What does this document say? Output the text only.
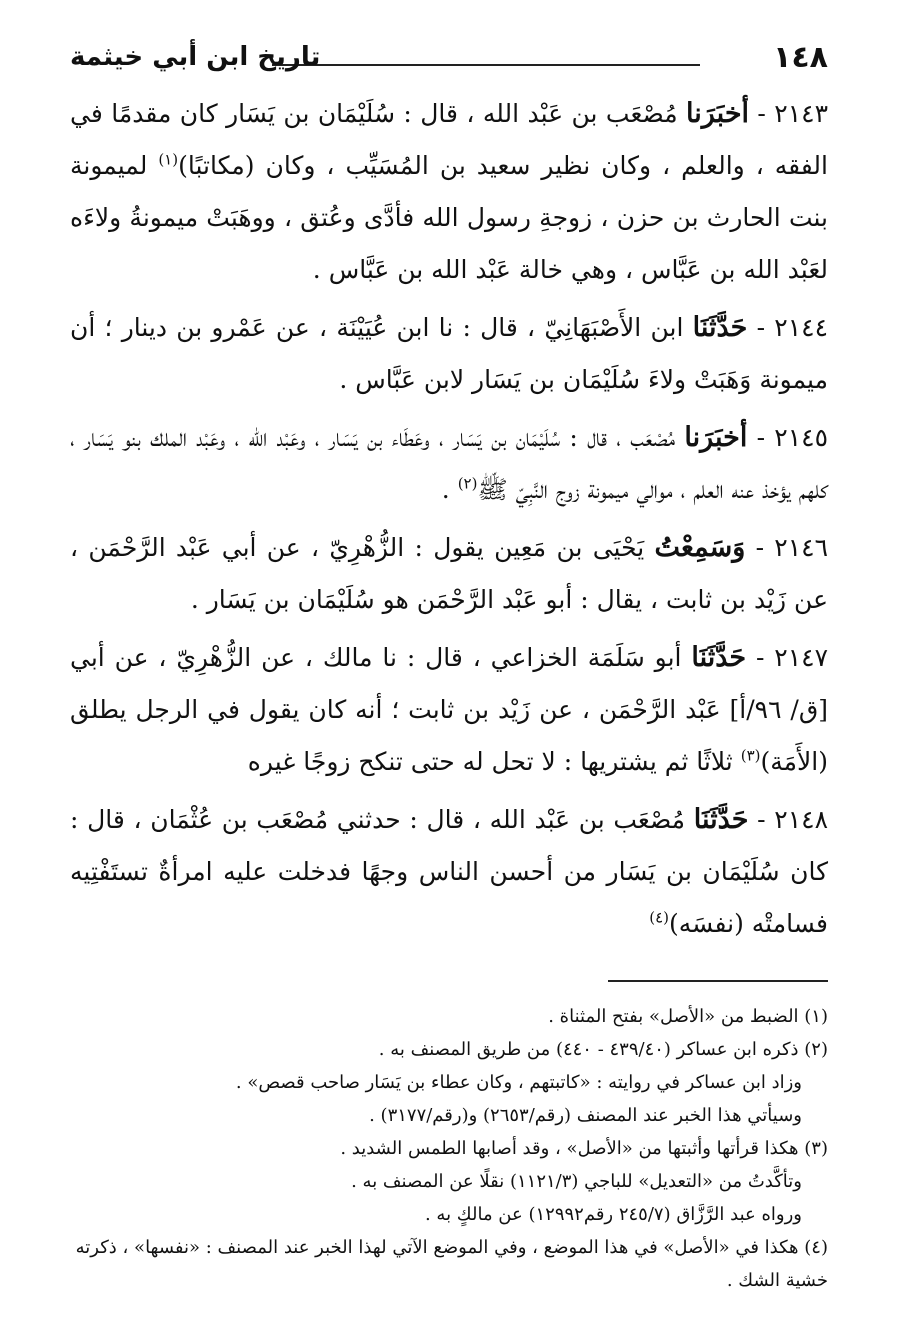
١٤٨
تاريخ ابن أبي خيثمة

٢١٤٣ - أخبَرَنا مُصْعَب بن عَبْد الله ، قال : سُلَيْمَان بن يَسَار كان مقدمًا في الفقه ، والعلم ، وكان نظير سعيد بن المُسَيِّب ، وكان (مكاتبًا)$^{(١)}$ لميمونة بنت الحارث بن حزن ، زوجةِ رسول الله فأدَّى وعُتق ، ووهَبَتْ ميمونةُ ولاءَه لعَبْد الله بن عَبَّاس ، وهي خالة عَبْد الله بن عَبَّاس .

٢١٤٤ - حَدَّثَنَا ابن الأَصْبَهَانِيّ ، قال : نا ابن عُيَيْنَة ، عن عَمْرو بن دينار ؛ أن ميمونة وَهَبَتْ ولاءَ سُلَيْمَان بن يَسَار لابن عَبَّاس .

٢١٤٥ - أخبَرَنا مُصْعَب ، قال : سُلَيْمَان بن يَسَار ، وعَطَاء بن يَسَار ، وعَبْد الله ، وعَبْد الملك بنو يَسَار ، كلهم يؤخذ عنه العلم ، موالي ميمونة زوج النَّبِيّ ﷺ$^{(٢)}$ .

٢١٤٦ - وَسَمِعْتُ يَحْيَى بن مَعِين يقول : الزُّهْرِيّ ، عن أبي عَبْد الرَّحْمَن ، عن زَيْد بن ثابت ، يقال : أبو عَبْد الرَّحْمَن هو سُلَيْمَان بن يَسَار .

٢١٤٧ - حَدَّثَنَا أبو سَلَمَة الخزاعي ، قال : نا مالك ، عن الزُّهْرِيّ ، عن أبي [ق/ ٩٦/أ] عَبْد الرَّحْمَن ، عن زَيْد بن ثابت ؛ أنه كان يقول في الرجل يطلق (الأَمَة)$^{(٣)}$ ثلاثًا ثم يشتريها : لا تحل له حتى تنكح زوجًا غيره

٢١٤٨ - حَدَّثَنَا مُصْعَب بن عَبْد الله ، قال : حدثني مُصْعَب بن عُثْمَان ، قال : كان سُلَيْمَان بن يَسَار من أحسن الناس وجهًا فدخلت عليه امرأةٌ تستَفْتِيه فسامتْه (نفسَه)$^{(٤)}$

(١) الضبط من «الأصل» بفتح المثناة .

(٢) ذكره ابن عساكر (٤٣٩/٤٠ - ٤٤٠) من طريق المصنف به .

وزاد ابن عساكر في روايته : «كاتبتهم ، وكان عطاء بن يَسَار صاحب قصص» .

وسيأتي هذا الخبر عند المصنف (رقم/٢٦٥٣) و(رقم/٣١٧٧) .

(٣) هكذا قرأتها وأثبتها من «الأصل» ، وقد أصابها الطمس الشديد .

وتأكَّدتُ من «التعديل» للباجي (١١٢١/٣) نقلًا عن المصنف به .

ورواه عبد الرَّزَّاق (٢٤٥/٧ رقم١٢٩٩٢) عن مالكٍ به .

(٤) هكذا في «الأصل» في هذا الموضع ، وفي الموضع الآتي لهذا الخبر عند المصنف : «نفسها» ، ذكرته خشية الشك .
